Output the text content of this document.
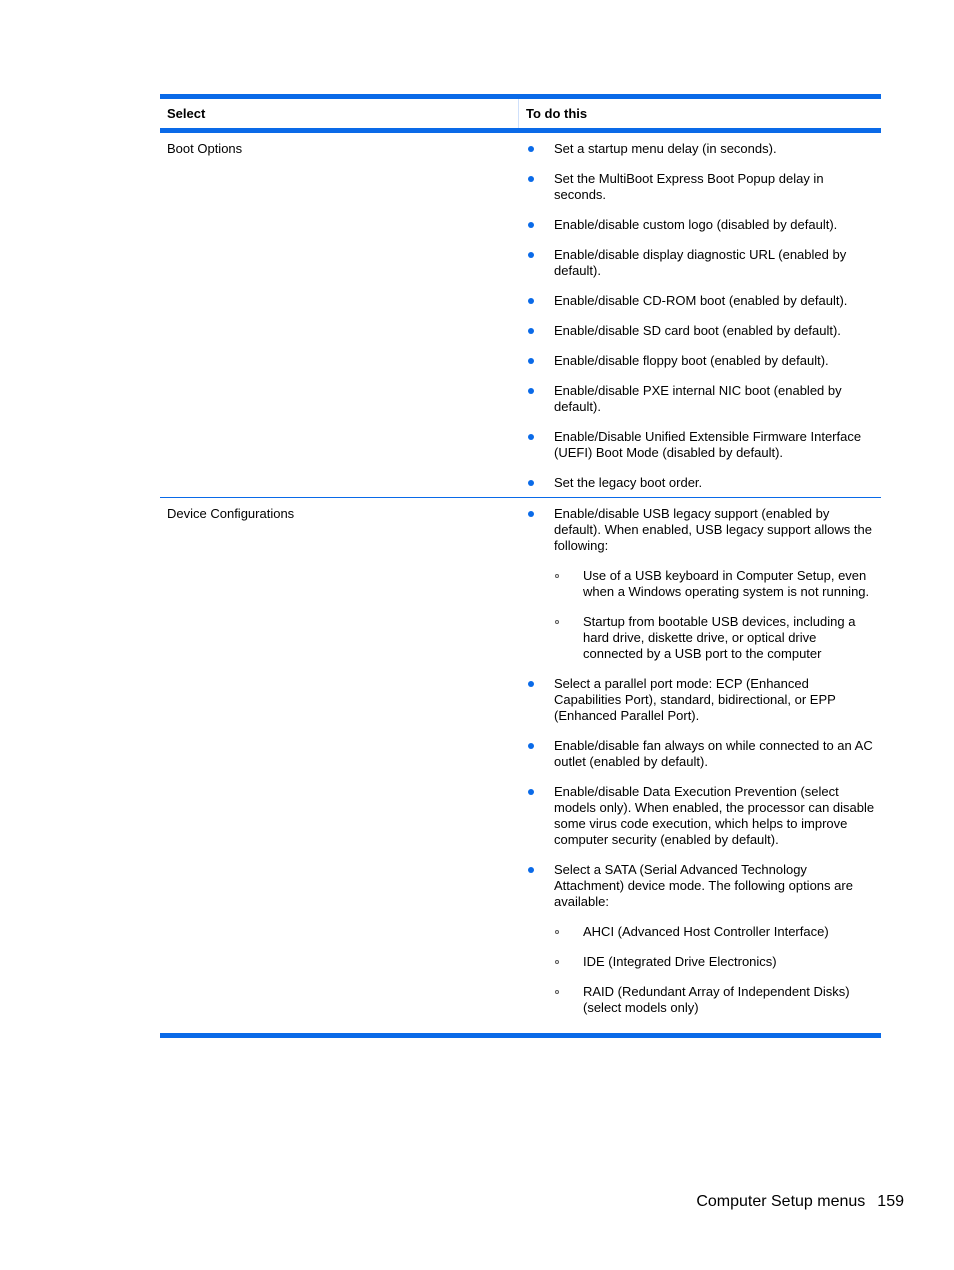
Select	To do this
Boot Options	Set a startup menu delay (in seconds).
Set the MultiBoot Express Boot Popup delay in seconds.
Enable/disable custom logo (disabled by default).
Enable/disable display diagnostic URL (enabled by default).
Enable/disable CD-ROM boot (enabled by default).
Enable/disable SD card boot (enabled by default).
Enable/disable floppy boot (enabled by default).
Enable/disable PXE internal NIC boot (enabled by default).
Enable/Disable Unified Extensible Firmware Interface (UEFI) Boot Mode (disabled by default).
Set the legacy boot order.
Device Configurations	Enable/disable USB legacy support (enabled by default). When enabled, USB legacy support allows the following:
Use of a USB keyboard in Computer Setup, even when a Windows operating system is not running.
Startup from bootable USB devices, including a hard drive, diskette drive, or optical drive connected by a USB port to the computer
Select a parallel port mode: ECP (Enhanced Capabilities Port), standard, bidirectional, or EPP (Enhanced Parallel Port).
Enable/disable fan always on while connected to an AC outlet (enabled by default).
Enable/disable Data Execution Prevention (select models only). When enabled, the processor can disable some virus code execution, which helps to improve computer security (enabled by default).
Select a SATA (Serial Advanced Technology Attachment) device mode. The following options are available:
AHCI (Advanced Host Controller Interface)
IDE (Integrated Drive Electronics)
RAID (Redundant Array of Independent Disks) (select models only)
Computer Setup menus 159
